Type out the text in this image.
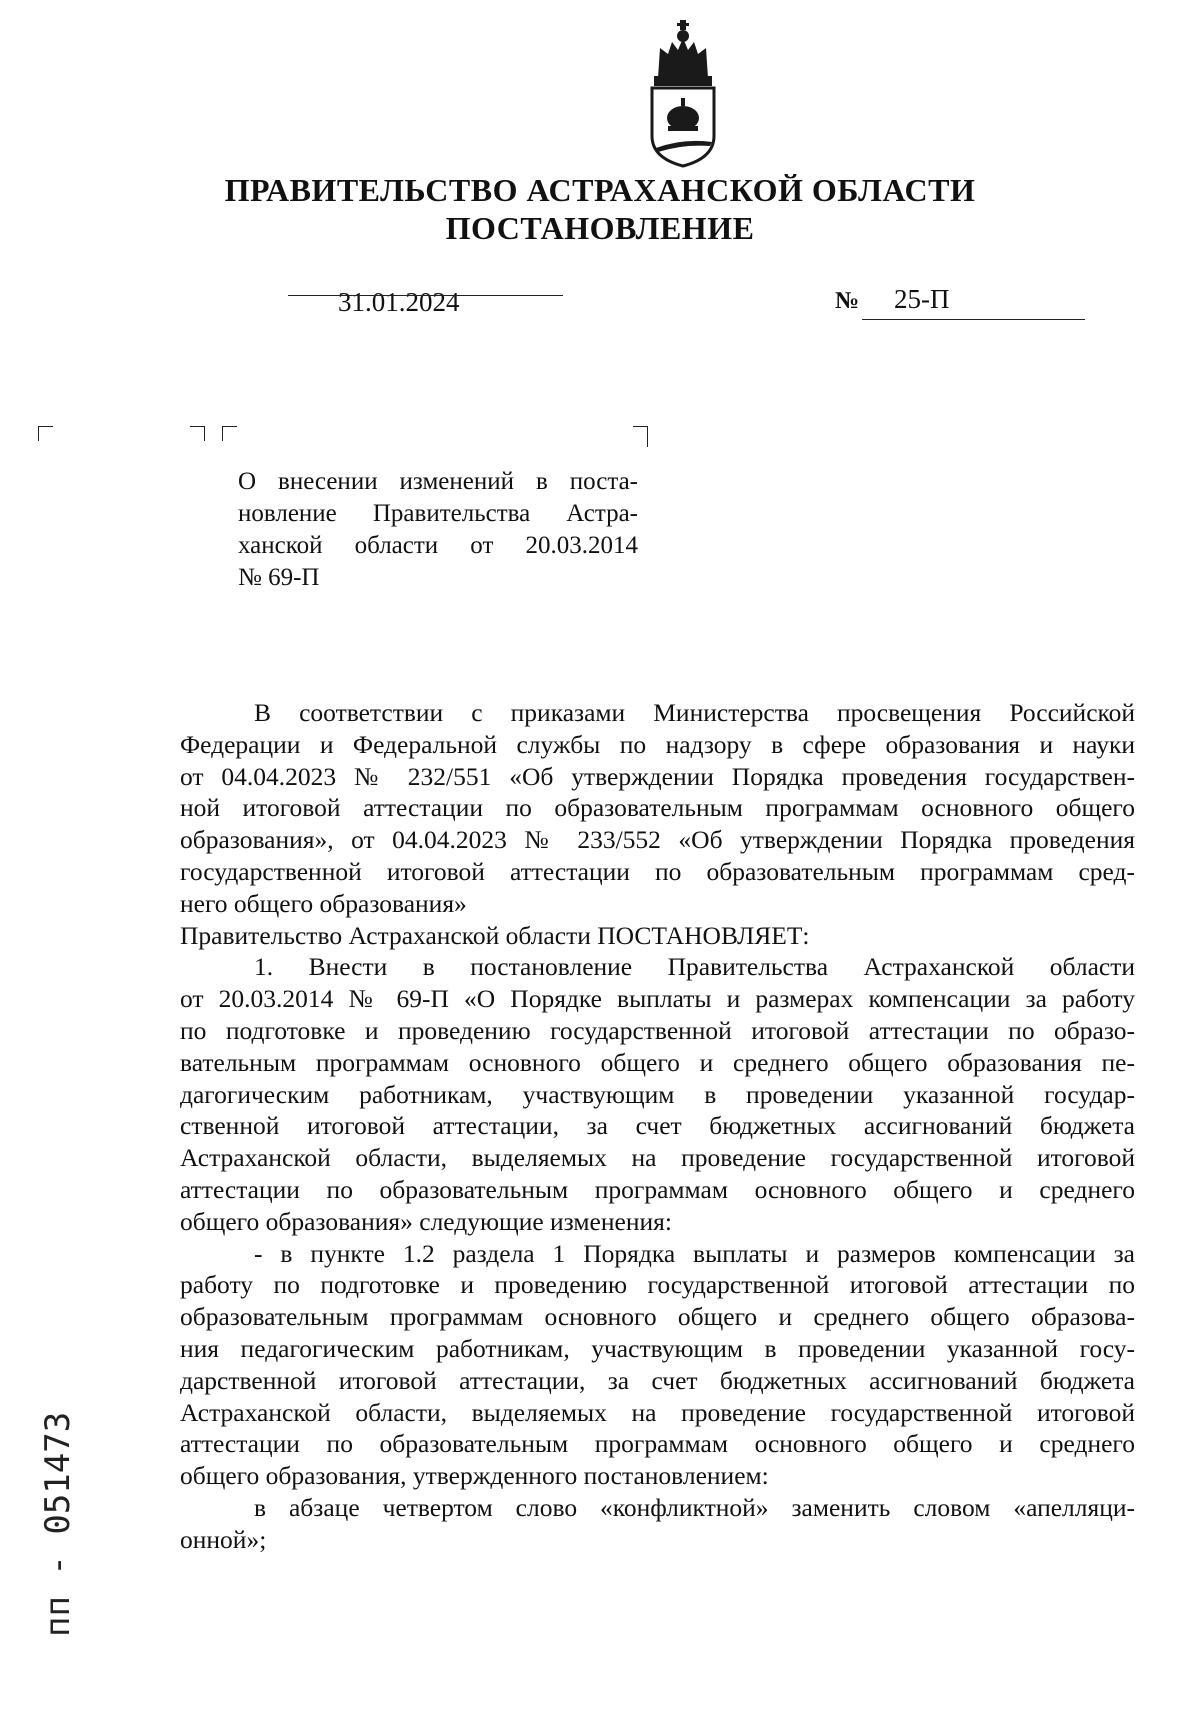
ПРАВИТЕЛЬСТВО АСТРАХАНСКОЙ ОБЛАСТИ
ПОСТАНОВЛЕНИЕ
31.01.2024	№ 25-П
О внесении изменений в поста-
новление Правительства Астра-
ханской области от 20.03.2014
№ 69-П
В соответствии с приказами Министерства просвещения Российской
Федерации и Федеральной службы по надзору в сфере образования и науки
от 04.04.2023 № 232/551 «Об утверждении Порядка проведения государствен-
ной итоговой аттестации по образовательным программам основного общего
образования», от 04.04.2023 № 233/552 «Об утверждении Порядка проведения
государственной итоговой аттестации по образовательным программам сред-
него общего образования»
Правительство Астраханской области ПОСТАНОВЛЯЕТ:
1. Внести в постановление Правительства Астраханской области
от 20.03.2014 № 69-П «О Порядке выплаты и размерах компенсации за работу
по подготовке и проведению государственной итоговой аттестации по образо-
вательным программам основного общего и среднего общего образования пе-
дагогическим работникам, участвующим в проведении указанной государ-
ственной итоговой аттестации, за счет бюджетных ассигнований бюджета
Астраханской области, выделяемых на проведение государственной итоговой
аттестации по образовательным программам основного общего и среднего
общего образования» следующие изменения:
- в пункте 1.2 раздела 1 Порядка выплаты и размеров компенсации за
работу по подготовке и проведению государственной итоговой аттестации по
образовательным программам основного общего и среднего общего образова-
ния педагогическим работникам, участвующим в проведении указанной госу-
дарственной итоговой аттестации, за счет бюджетных ассигнований бюджета
Астраханской области, выделяемых на проведение государственной итоговой
аттестации по образовательным программам основного общего и среднего
общего образования, утвержденного постановлением:
в абзаце четвертом слово «конфликтной» заменить словом «апелляци-
онной»;
пп - 051473
